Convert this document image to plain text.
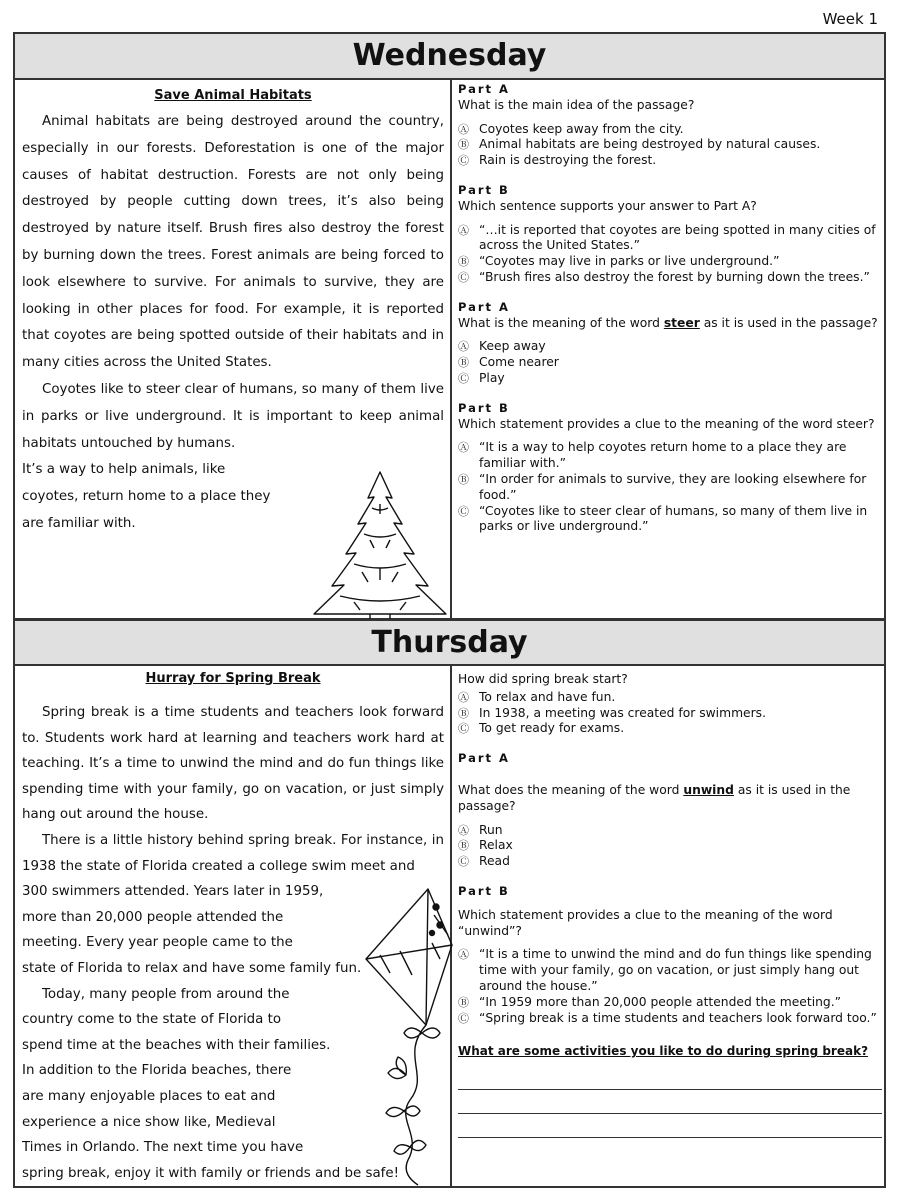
Week 1
Wednesday
Save Animal Habitats

Animal habitats are being destroyed around the country, especially in our forests. Deforestation is one of the major causes of habitat destruction. Forests are not only being destroyed by people cutting down trees, it’s also being destroyed by nature itself. Brush fires also destroy the forest by burning down the trees. Forest animals are being forced to look elsewhere to survive. For animals to survive, they are looking in other places for food. For example, it is reported that coyotes are being spotted outside of their habitats and in many cities across the United States.

Coyotes like to steer clear of humans, so many of them live in parks or live underground. It is important to keep animal habitats untouched by humans.

It’s a way to help animals, like

coyotes, return home to a place they

are familiar with.

Part A
What is the main idea of the passage?
Ⓐ Coyotes keep away from the city.
Ⓑ Animal habitats are being destroyed by natural causes.
Ⓒ Rain is destroying the forest.
Part B
Which sentence supports your answer to Part A?
Ⓐ “…it is reported that coyotes are being spotted in many cities of across the United States.”
Ⓑ “Coyotes may live in parks or live underground.”
Ⓒ “Brush fires also destroy the forest by burning down the trees.”
Part A
What is the meaning of the word steer as it is used in the passage?
Ⓐ Keep away
Ⓑ Come nearer
Ⓒ Play
Part B
Which statement provides a clue to the meaning of the word steer?
Ⓐ “It is a way to help coyotes return home to a place they are familiar with.”
Ⓑ “In order for animals to survive, they are looking elsewhere for food.”
Ⓒ “Coyotes like to steer clear of humans, so many of them live in parks or live underground.”
Thursday
Hurray for Spring Break

Spring break is a time students and teachers look forward to. Students work hard at learning and teachers work hard at teaching. It’s a time to unwind the mind and do fun things like spending time with your family, go on vacation, or just simply hang out around the house.

There is a little history behind spring break. For instance, in 1938 the state of Florida created a college swim meet and

300 swimmers attended. Years later in 1959,

more than 20,000 people attended the

meeting. Every year people came to the

state of Florida to relax and have some family fun.

Today, many people from around the

country come to the state of Florida to

spend time at the beaches with their families.

In addition to the Florida beaches, there

are many enjoyable places to eat and

experience a nice show like, Medieval

Times in Orlando. The next time you have

spring break, enjoy it with family or friends and be safe!

How did spring break start?
Ⓐ To relax and have fun.
Ⓑ In 1938, a meeting was created for swimmers.
Ⓒ To get ready for exams.
Part A
What does the meaning of the word unwind as it is used in the passage?
Ⓐ Run
Ⓑ Relax
Ⓒ Read
Part B
Which statement provides a clue to the meaning of the word “unwind”?
Ⓐ “It is a time to unwind the mind and do fun things like spending time with your family, go on vacation, or just simply hang out around the house.”
Ⓑ “In 1959 more than 20,000 people attended the meeting.”
Ⓒ “Spring break is a time students and teachers look forward too.”
What are some activities you like to do during spring break?
